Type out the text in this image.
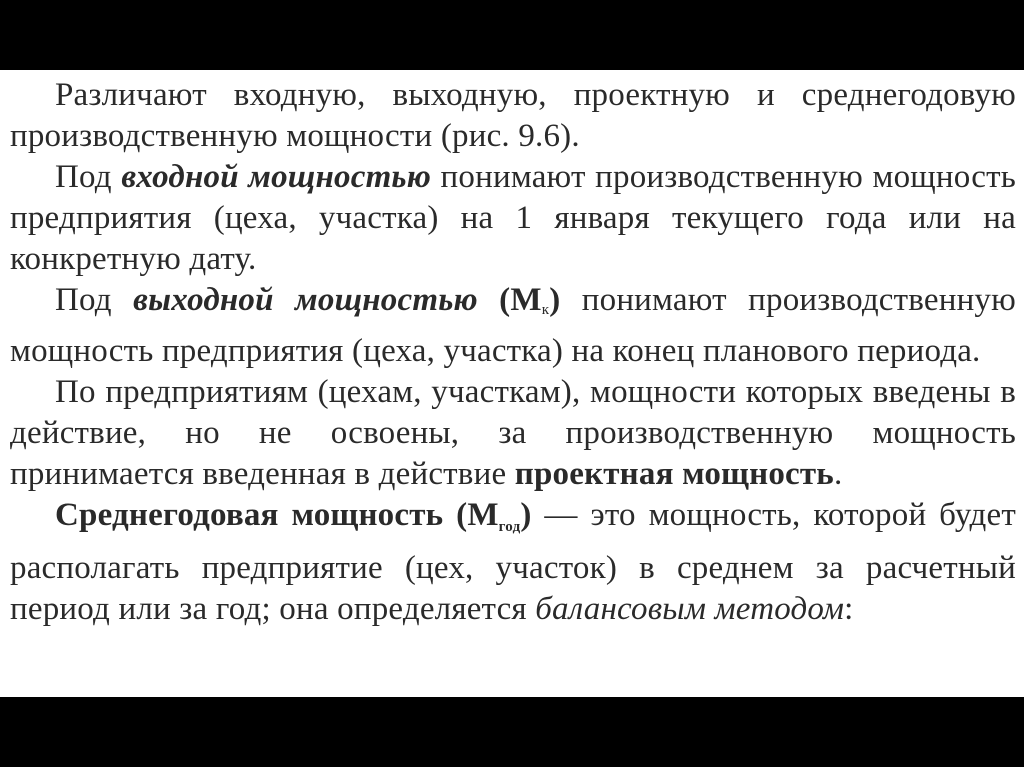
Различают входную, выходную, проектную и среднегодовую производственную мощности (рис. 9.6).

Под входной мощностью понимают производственную мощность предприятия (цеха, участка) на 1 января текущего года или на конкретную дату.

Под выходной мощностью $(М_к)$ понимают производственную мощность предприятия (цеха, участка) на конец планового периода.

По предприятиям (цехам, участкам), мощности которых введены в действие, но не освоены, за производственную мощность принимается введенная в действие проектная мощность.

Среднегодовая мощность (Мгод) — это мощность, которой будет располагать предприятие (цех, участок) в среднем за расчетный период или за год; она определяется балансовым методом:
